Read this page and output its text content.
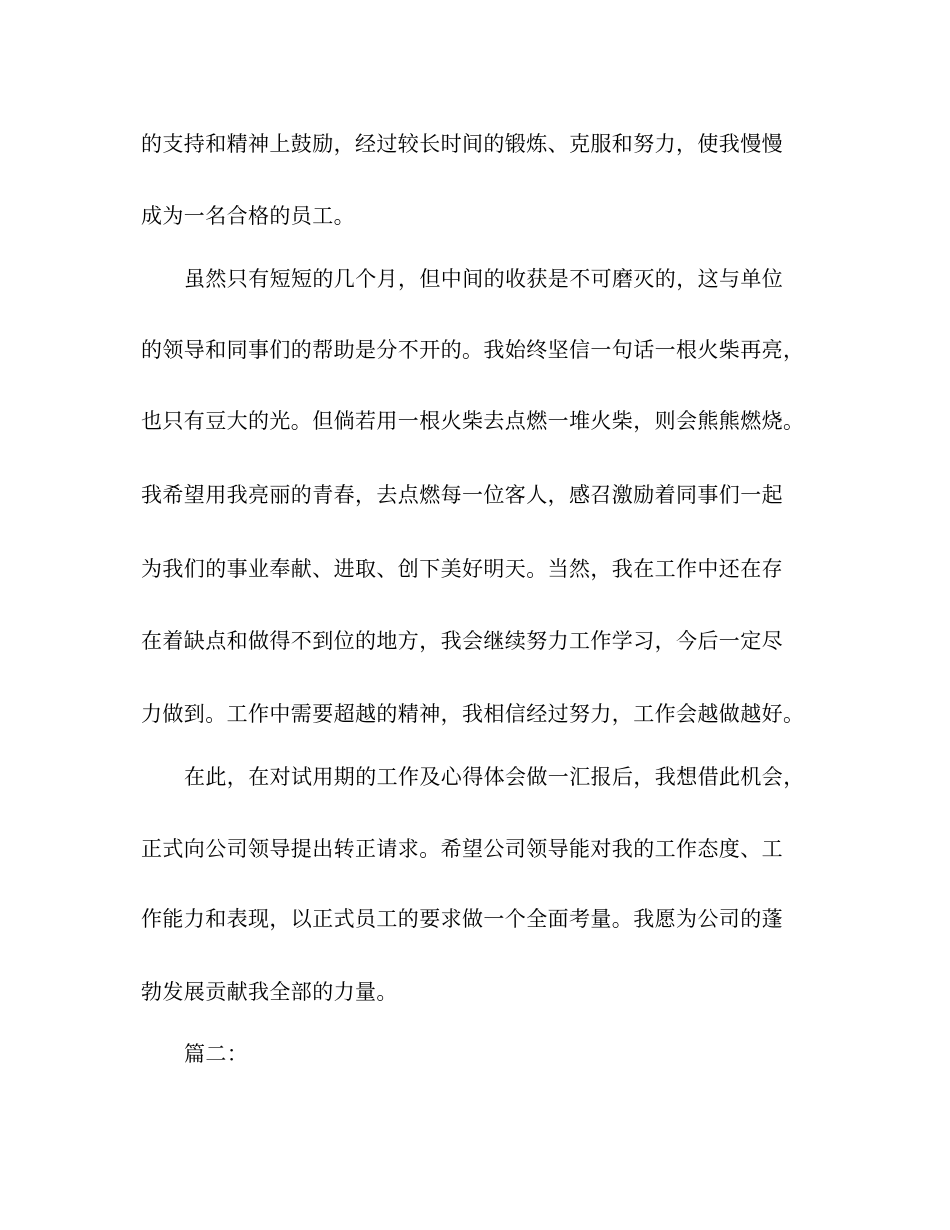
的支持和精神上鼓励，经过较长时间的锻炼、克服和努力，使我慢慢
成为一名合格的员工。
虽然只有短短的几个月，但中间的收获是不可磨灭的，这与单位
的领导和同事们的帮助是分不开的。我始终坚信一句话一根火柴再亮，
也只有豆大的光。但倘若用一根火柴去点燃一堆火柴，则会熊熊燃烧。
我希望用我亮丽的青春，去点燃每一位客人，感召激励着同事们一起
为我们的事业奉献、进取、创下美好明天。当然，我在工作中还在存
在着缺点和做得不到位的地方，我会继续努力工作学习，今后一定尽
力做到。工作中需要超越的精神，我相信经过努力，工作会越做越好。
在此，在对试用期的工作及心得体会做一汇报后，我想借此机会，
正式向公司领导提出转正请求。希望公司领导能对我的工作态度、工
作能力和表现，以正式员工的要求做一个全面考量。我愿为公司的蓬
勃发展贡献我全部的力量。
篇二：
